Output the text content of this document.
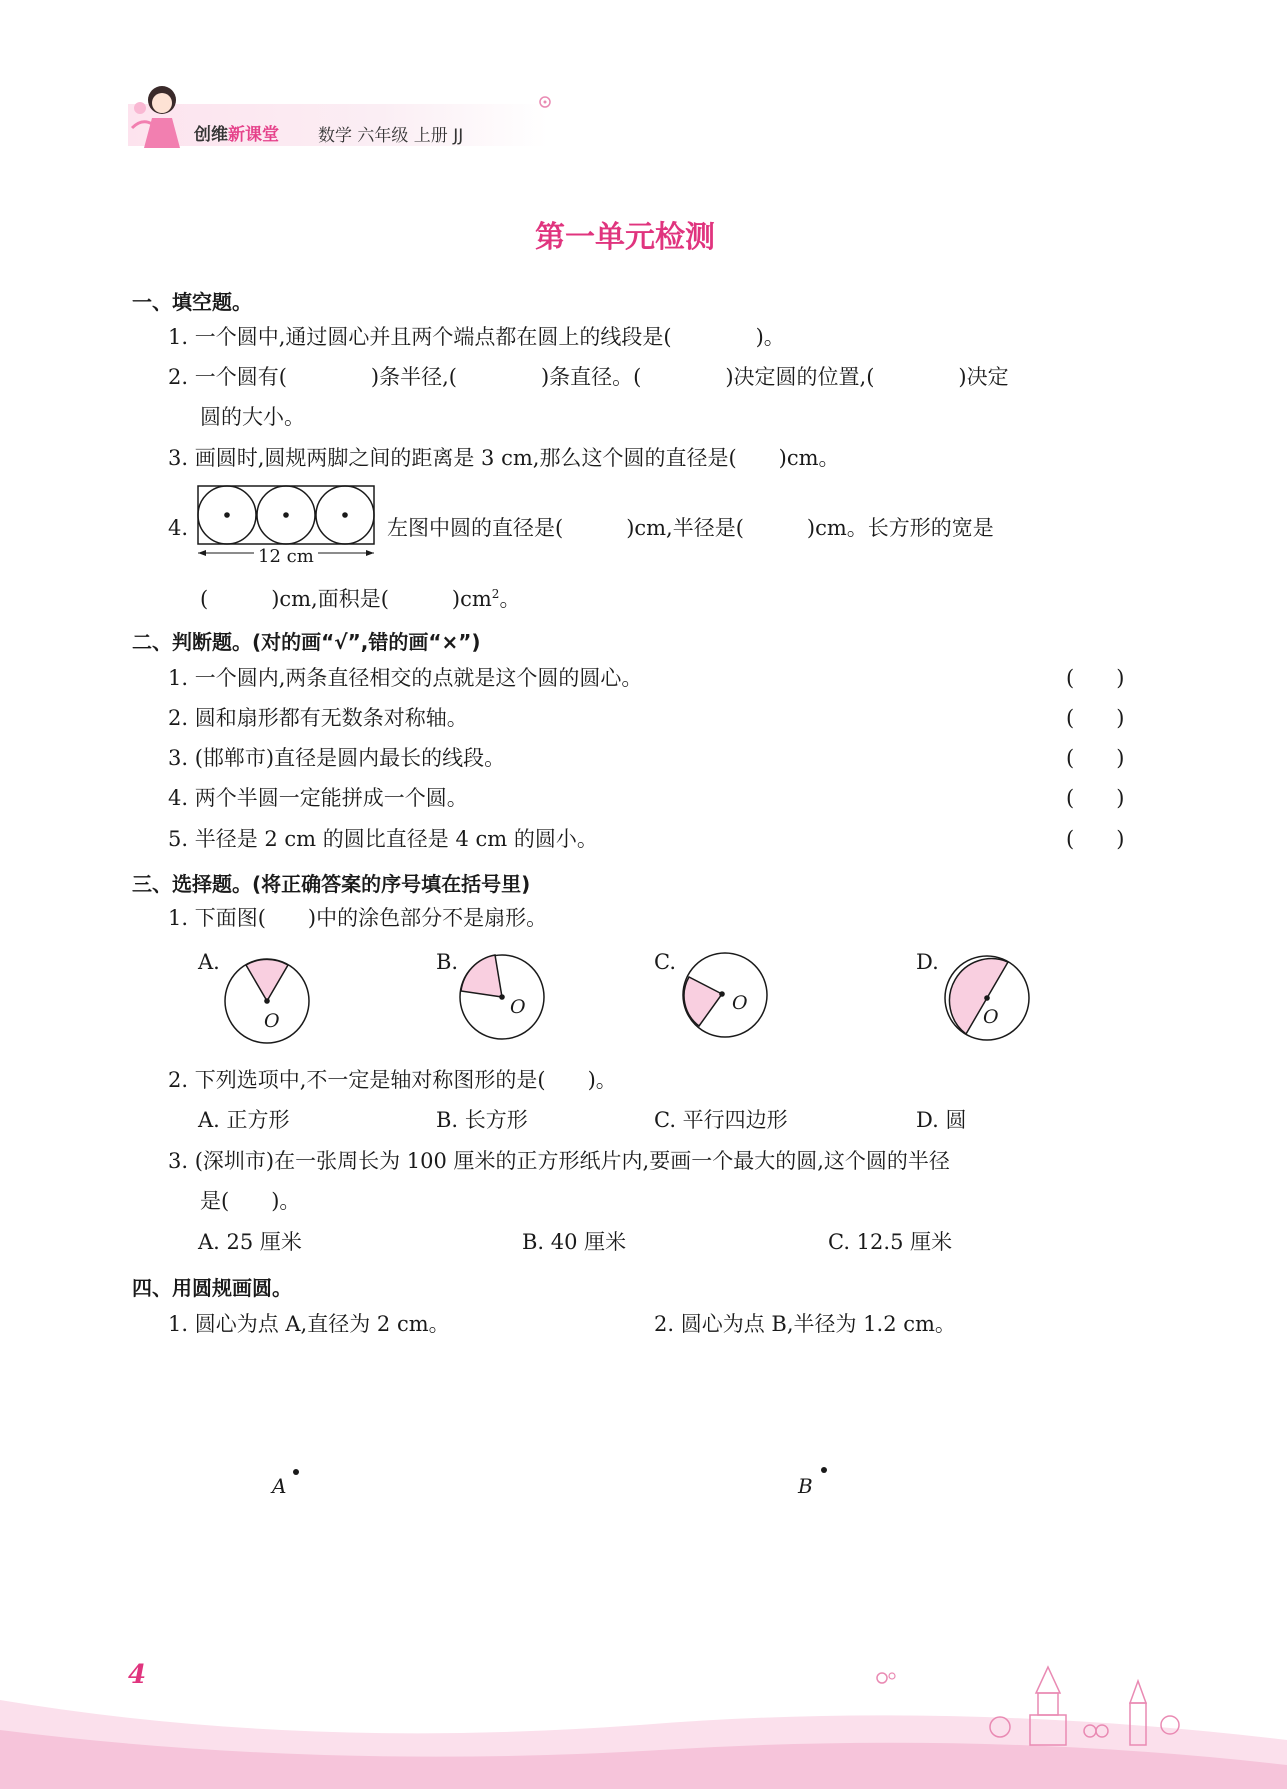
创维新课堂 数学 六年级 上册 JJ
第一单元检测
一、填空题。
1. 一个圆中,通过圆心并且两个端点都在圆上的线段是(　　　　)。
2. 一个圆有(　　　　)条半径,(　　　　)条直径。(　　　　)决定圆的位置,(　　　　)决定
圆的大小。
3. 画圆时,圆规两脚之间的距离是 3 cm,那么这个圆的直径是(　　)cm。
4.
12 cm
左图中圆的直径是(　　　)cm,半径是(　　　)cm。长方形的宽是
(　　　)cm,面积是(　　　)$cm^2$。
二、判断题。(对的画“√”,错的画“×”)
1. 一个圆内,两条直径相交的点就是这个圆的圆心。	(　　)
2. 圆和扇形都有无数条对称轴。	(　　)
3. (邯郸市)直径是圆内最长的线段。	(　　)
4. 两个半圆一定能拼成一个圆。	(　　)
5. 半径是 2 cm 的圆比直径是 4 cm 的圆小。	(　　)
三、选择题。(将正确答案的序号填在括号里)
1. 下面图(　　)中的涂色部分不是扇形。
A.
O
B.
O
C.
O
D.
O
2. 下列选项中,不一定是轴对称图形的是(　　)。
A. 正方形	B. 长方形	C. 平行四边形	D. 圆
3. (深圳市)在一张周长为 100 厘米的正方形纸片内,要画一个最大的圆,这个圆的半径
是(　　)。
A. 25 厘米	B. 40 厘米	C. 12.5 厘米
四、用圆规画圆。
1. 圆心为点 A,直径为 2 cm。	2. 圆心为点 B,半径为 1.2 cm。
A	B
4
